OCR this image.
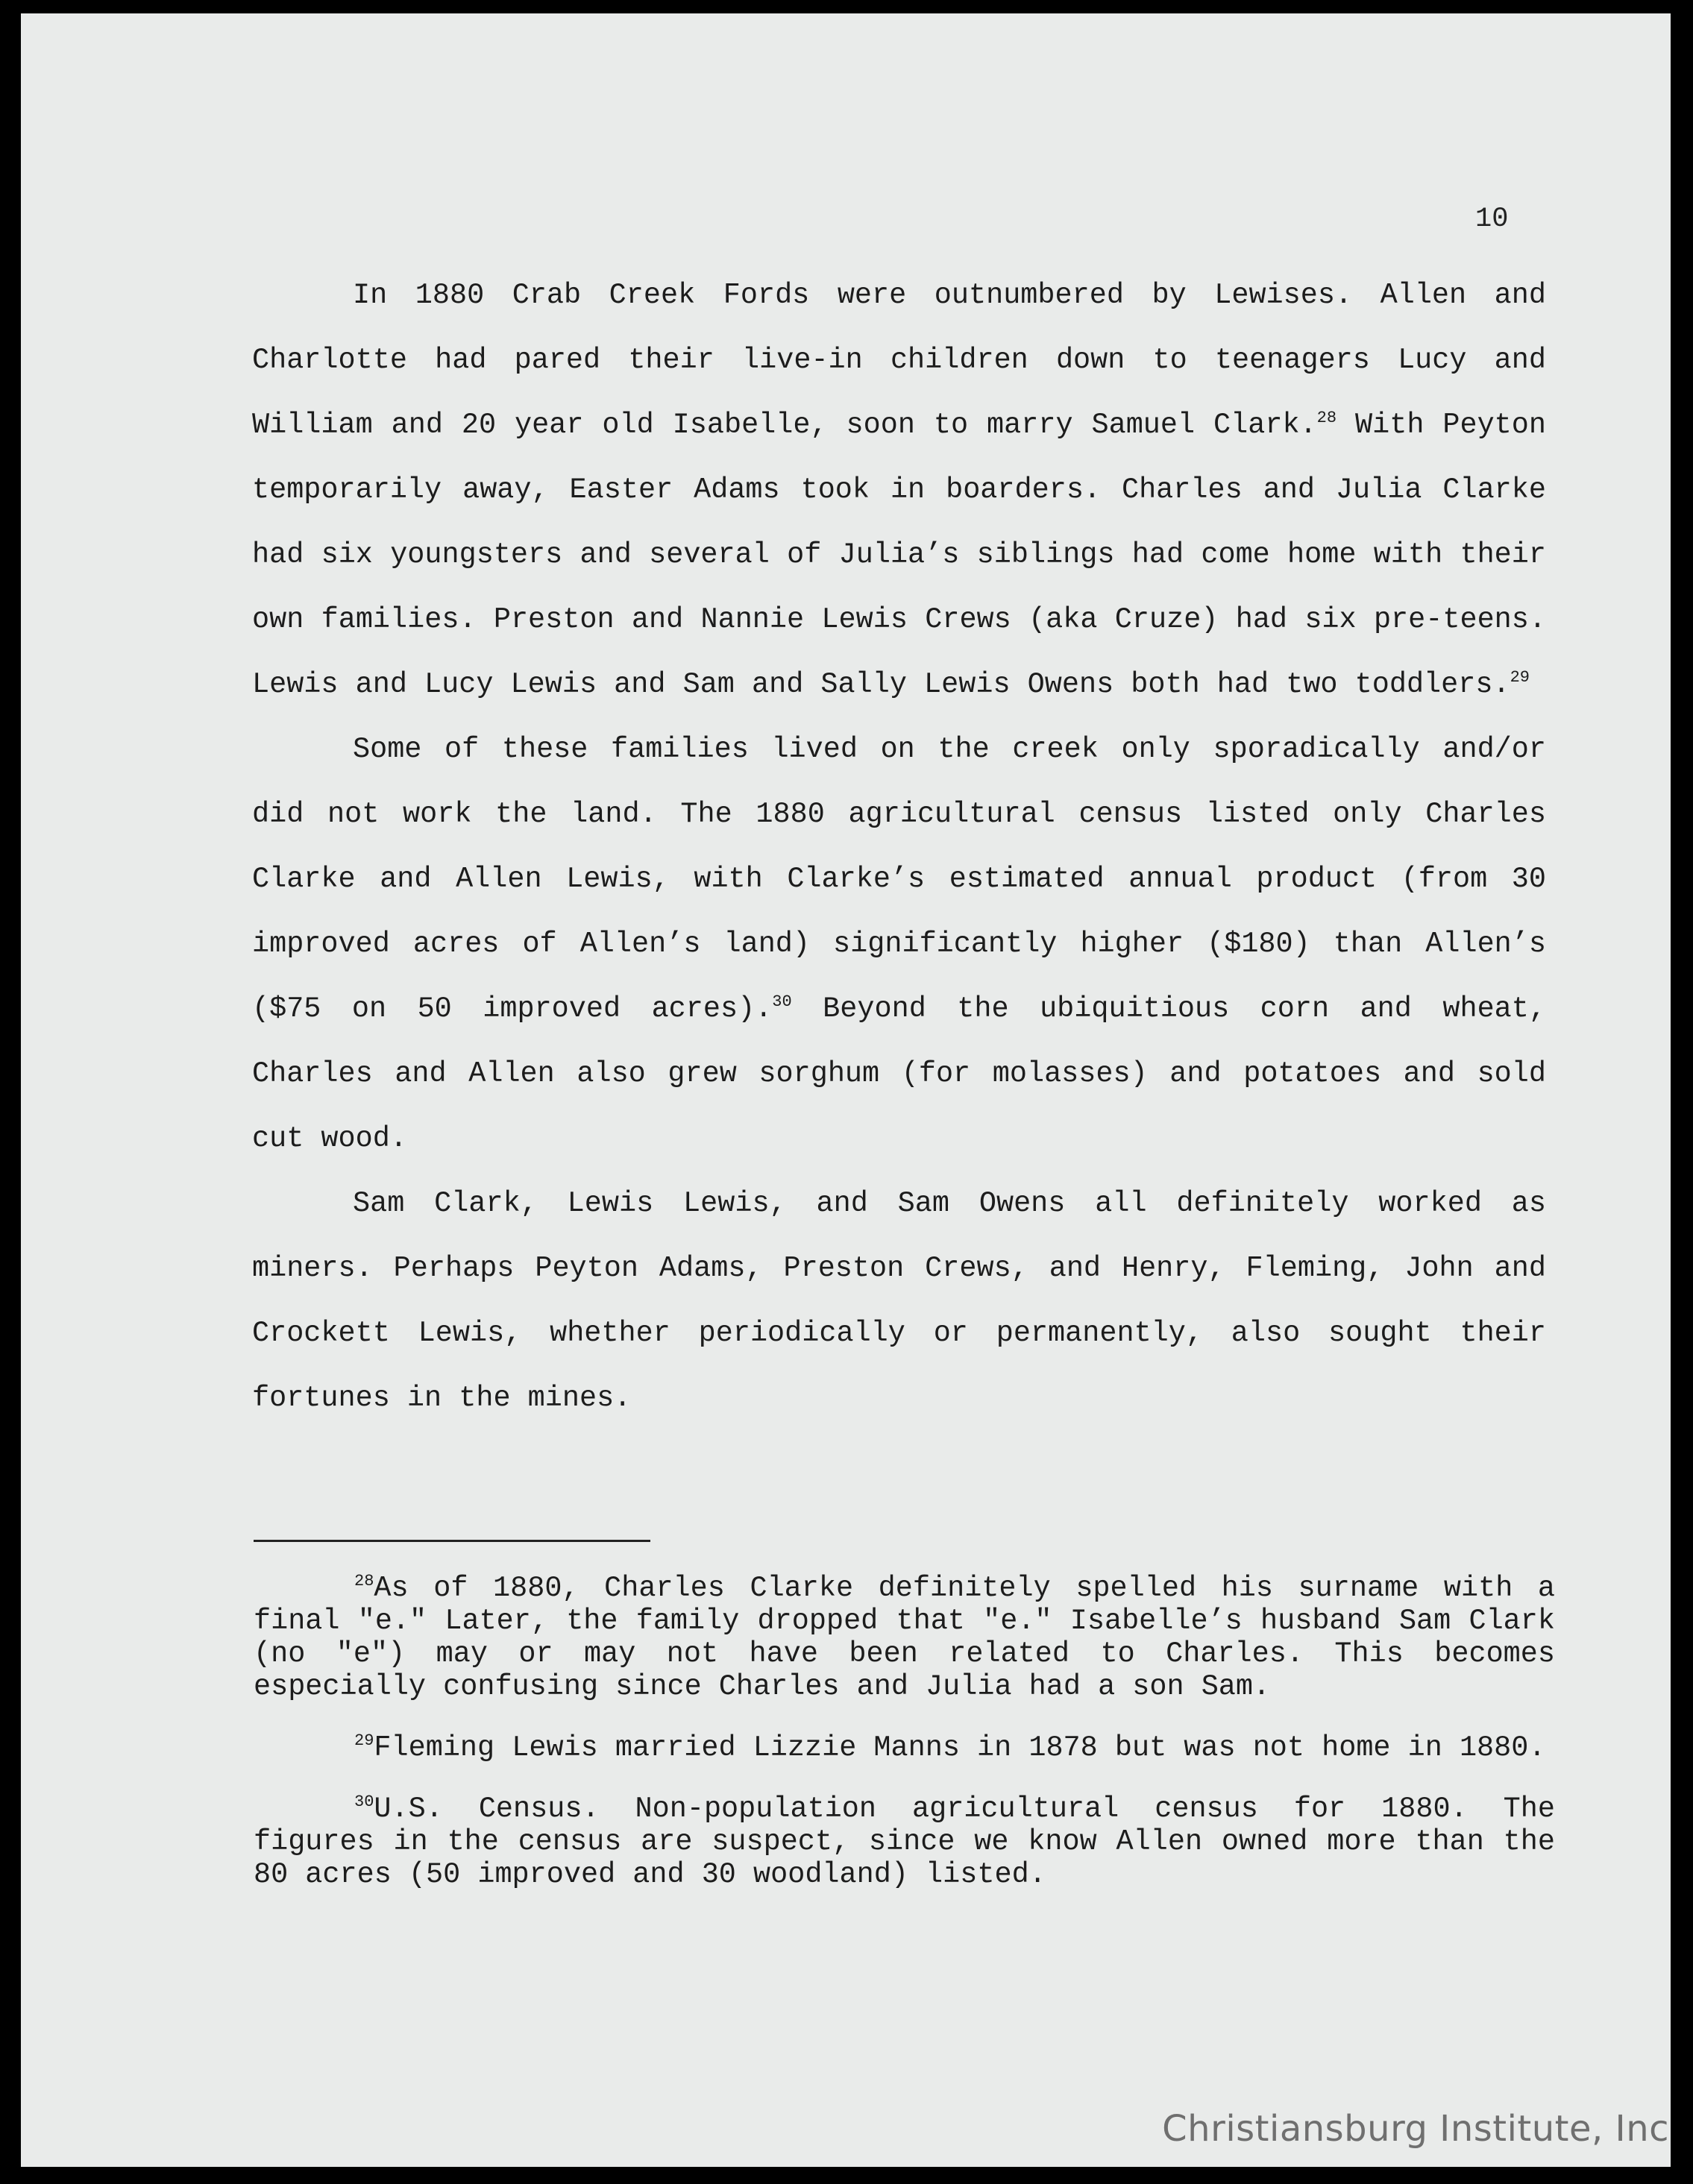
10

In 1880 Crab Creek Fords were outnumbered by Lewises. Allen and Charlotte had pared their live-in children down to teenagers Lucy and William and 20 year old Isabelle, soon to marry Samuel Clark.$^{28}$ With Peyton temporarily away, Easter Adams took in boarders. Charles and Julia Clarke had six youngsters and several of Julia’s siblings had come home with their own families. Preston and Nannie Lewis Crews (aka Cruze) had six pre-teens. Lewis and Lucy Lewis and Sam and Sally Lewis Owens both had two toddlers.$^{29}$

Some of these families lived on the creek only sporadically and/or did not work the land. The 1880 agricultural census listed only Charles Clarke and Allen Lewis, with Clarke’s estimated annual product (from 30 improved acres of Allen’s land) significantly higher ($180) than Allen’s ($75 on 50 improved acres).$^{30}$ Beyond the ubiquitious corn and wheat, Charles and Allen also grew sorghum (for molasses) and potatoes and sold cut wood.

Sam Clark, Lewis Lewis, and Sam Owens all definitely worked as miners. Perhaps Peyton Adams, Preston Crews, and Henry, Fleming, John and Crockett Lewis, whether periodically or permanently, also sought their fortunes in the mines.

$^{28}$As of 1880, Charles Clarke definitely spelled his surname with a final "e." Later, the family dropped that "e." Isabelle’s husband Sam Clark (no "e") may or may not have been related to Charles. This becomes especially confusing since Charles and Julia had a son Sam.

$^{29}$Fleming Lewis married Lizzie Manns in 1878 but was not home in 1880.

$^{30}$U.S. Census. Non-population agricultural census for 1880. The figures in the census are suspect, since we know Allen owned more than the 80 acres (50 improved and 30 woodland) listed.

Christiansburg Institute, Inc
